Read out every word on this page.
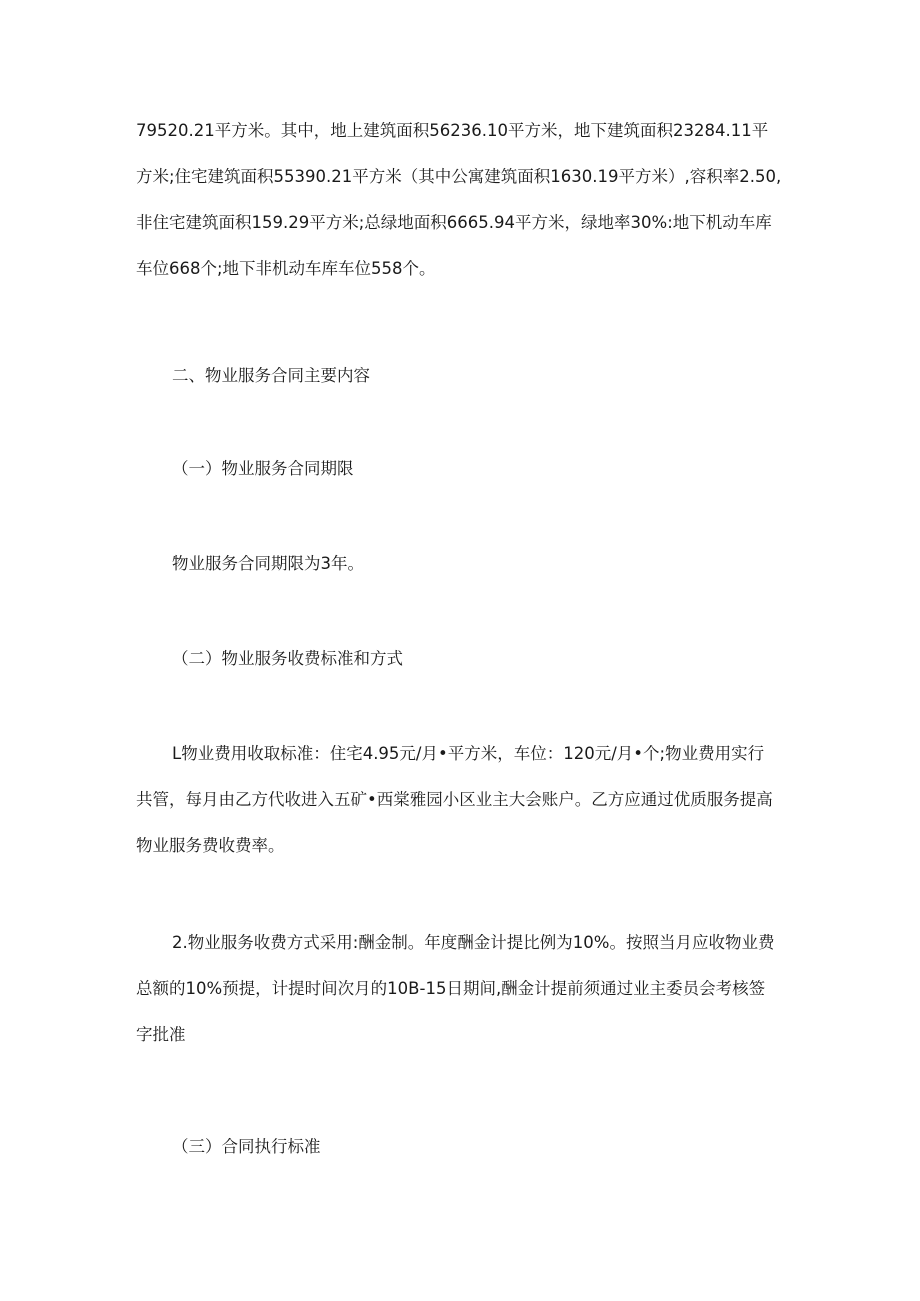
79520.21平方米。其中，地上建筑面积56236.10平方米，地下建筑面积23284.11平
方米;住宅建筑面积55390.21平方米（其中公寓建筑面积1630.19平方米）,容积率2.50,
非住宅建筑面积159.29平方米;总绿地面积6665.94平方米，绿地率30%:地下机动车库
车位668个;地下非机动车库车位558个。

二、物业服务合同主要内容

（一）物业服务合同期限

物业服务合同期限为3年。

（二）物业服务收费标准和方式

L物业费用收取标准：住宅4.95元/月•平方米，车位：120元/月•个;物业费用实行
共管，每月由乙方代收进入五矿•西棠雅园小区业主大会账户。乙方应通过优质服务提高
物业服务费收费率。

2.物业服务收费方式采用:酬金制。年度酬金计提比例为10%。按照当月应收物业费
总额的10%预提，计提时间次月的10B-15日期间,酬金计提前须通过业主委员会考核签
字批准

（三）合同执行标准
